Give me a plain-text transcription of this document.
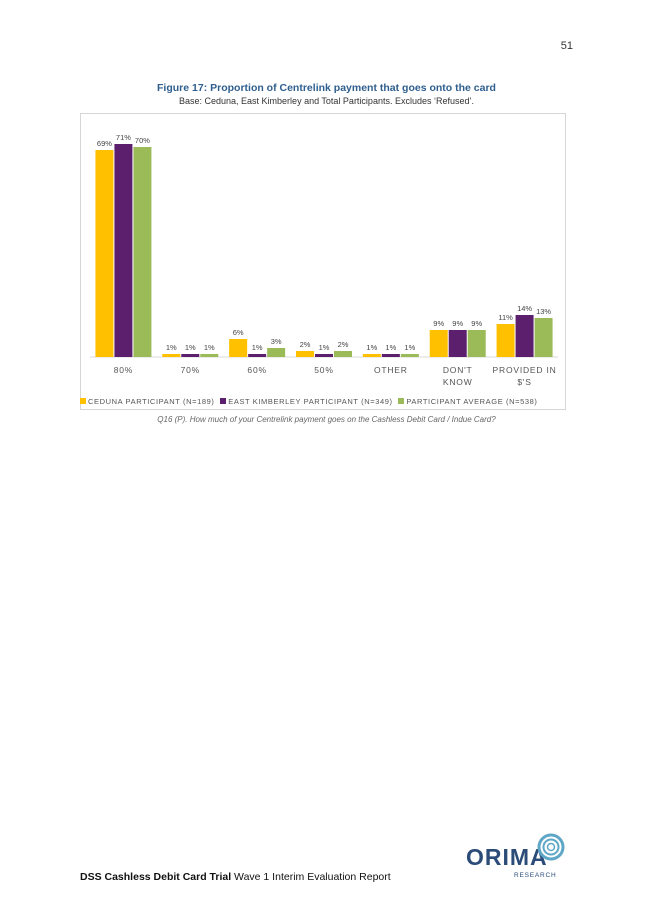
51
Figure 17: Proportion of Centrelink payment that goes onto the card
Base: Ceduna, East Kimberley and Total Participants. Excludes ‘Refused’.
69%
71% 70%
80%
1% 1% 1%
70%
6%
1%
3%
60%
2% 1% 2%
50%
1% 1% 1%
OTHER
9% 9% 9%
DON'T
KNOW
11%
14% 13%
PROVIDED IN
$'S
CEDUNA PARTICIPANT (N=189) EAST KIMBERLEY PARTICIPANT (N=349) PARTICIPANT AVERAGE (N=538)
Q16 (P). How much of your Centrelink payment goes on the Cashless Debit Card / Indue Card?
ORIMA
RESEARCH
DSS Cashless Debit Card Trial Wave 1 Interim Evaluation Report
